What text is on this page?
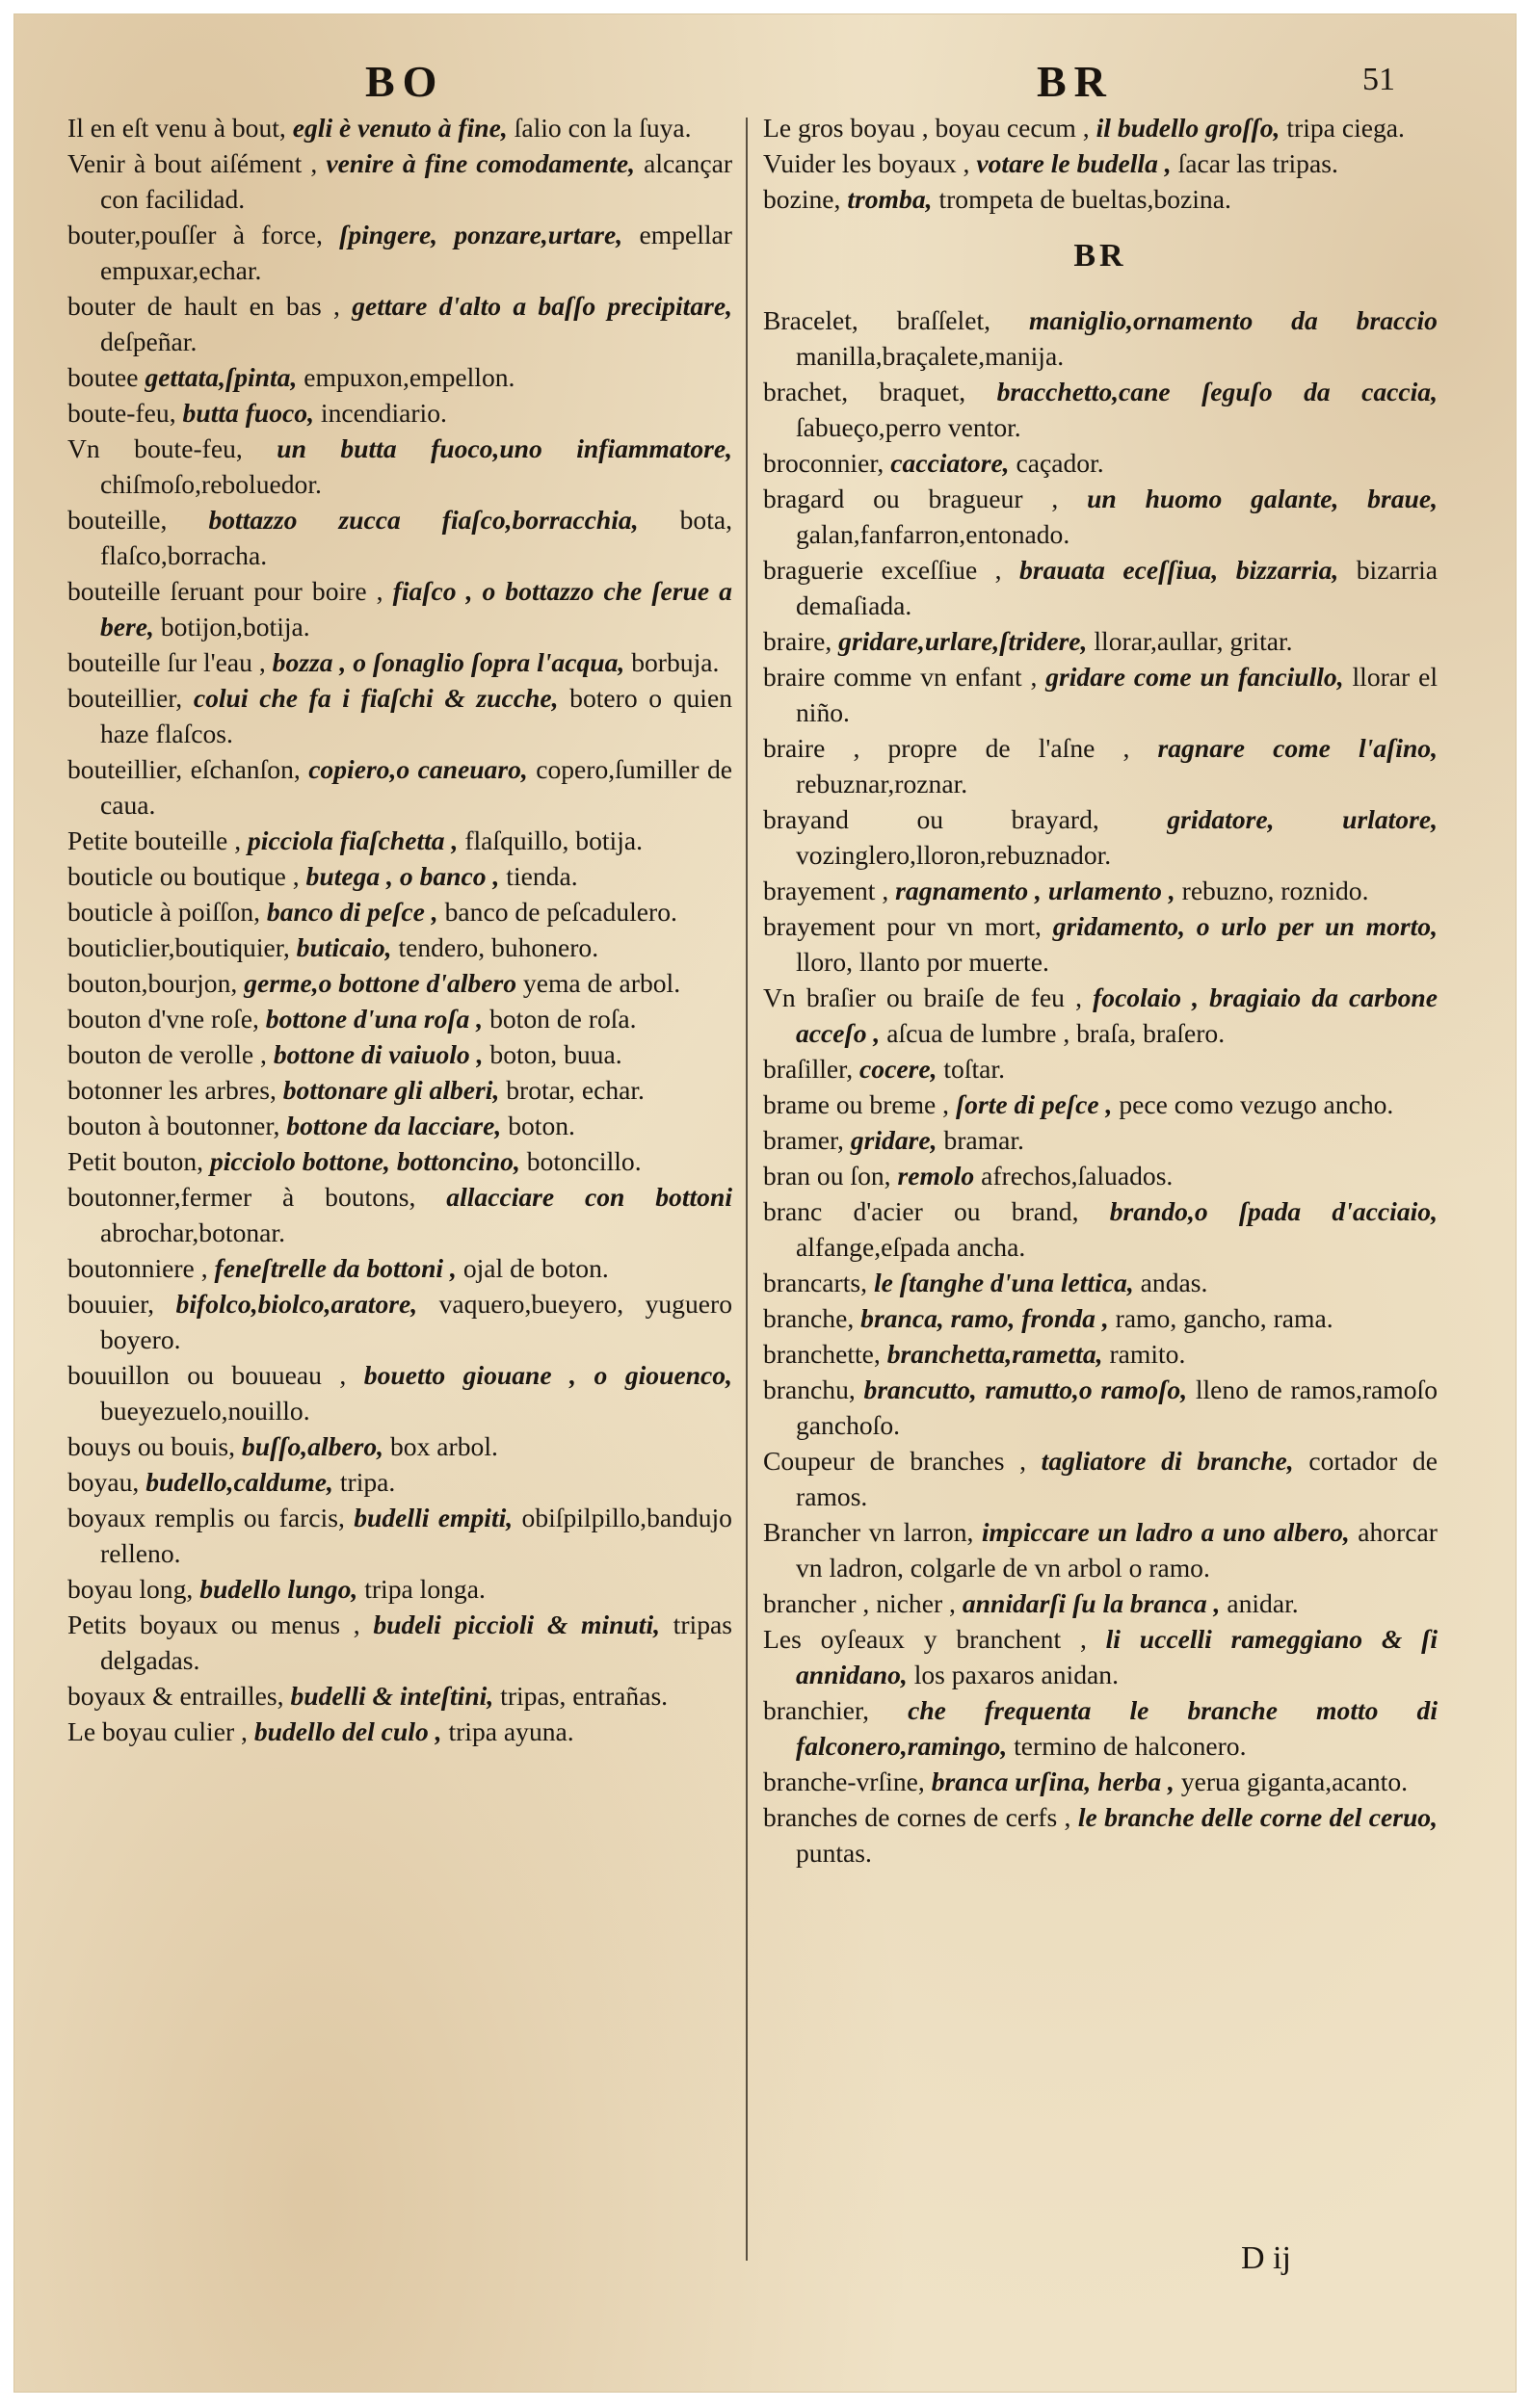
BO	BR	51

Il en eſt venu à bout, egli è venuto à fine, ſalio con la ſuya.

Venir à bout aiſément , venire à fine comodamente, alcançar con facilidad.

bouter,pouſſer à force, ſpingere, ponzare,urtare, empellar empuxar,echar.

bouter de hault en bas , gettare d'alto a baſſo precipitare, deſpeñar.

boutee gettata,ſpinta, empuxon,empellon.

boute-feu, butta fuoco, incendiario.

Vn boute-feu, un butta fuoco,uno infiammatore, chiſmoſo,reboluedor.

bouteille, bottazzo zucca fiaſco,borracchia, bota, flaſco,borracha.

bouteille ſeruant pour boire , fiaſco , o bottazzo che ſerue a bere, botijon,botija.

bouteille ſur l'eau , bozza , o ſonaglio ſopra l'acqua, borbuja.

bouteillier, colui che fa i fiaſchi & zucche, botero o quien haze flaſcos.

bouteillier, eſchanſon, copiero,o caneuaro, copero,ſumiller de caua.

Petite bouteille , picciola fiaſchetta , flaſquillo, botija.

bouticle ou boutique , butega , o banco , tienda.

bouticle à poiſſon, banco di peſce , banco de peſcadulero.

bouticlier,boutiquier, buticaio, tendero, buhonero.

bouton,bourjon, germe,o bottone d'albero yema de arbol.

bouton d'vne roſe, bottone d'una roſa , boton de roſa.

bouton de verolle , bottone di vaiuolo , boton, buua.

botonner les arbres, bottonare gli alberi, brotar, echar.

bouton à boutonner, bottone da lacciare, boton.

Petit bouton, picciolo bottone, bottoncino, botoncillo.

boutonner,fermer à boutons, allacciare con bottoni abrochar,botonar.

boutonniere , feneſtrelle da bottoni , ojal de boton.

bouuier, bifolco,biolco,aratore, vaquero,bueyero, yuguero boyero.

bouuillon ou bouueau , bouetto giouane , o giouenco, bueyezuelo,nouillo.

bouys ou bouis, buſſo,albero, box arbol.

boyau, budello,caldume, tripa.

boyaux remplis ou farcis, budelli empiti, obiſpilpillo,bandujo relleno.

boyau long, budello lungo, tripa longa.

Petits boyaux ou menus , budeli piccioli & minuti, tripas delgadas.

boyaux & entrailles, budelli & inteſtini, tripas, entrañas.

Le boyau culier , budello del culo , tripa ayuna.

Le gros boyau , boyau cecum , il budello groſſo, tripa ciega.

Vuider les boyaux , votare le budella , ſacar las tripas.

bozine, tromba, trompeta de bueltas,bozina.

BR

Bracelet, braſſelet, maniglio,ornamento da braccio manilla,braçalete,manija.

brachet, braquet, bracchetto,cane ſeguſo da caccia, ſabueço,perro ventor.

broconnier, cacciatore, caçador.

bragard ou bragueur , un huomo galante, braue, galan,fanfarron,entonado.

braguerie exceſſiue , brauata eceſſiua, bizzarria, bizarria demaſiada.

braire, gridare,urlare,ſtridere, llorar,aullar, gritar.

braire comme vn enfant , gridare come un fanciullo, llorar el niño.

braire , propre de l'aſne , ragnare come l'aſino, rebuznar,roznar.

brayand ou brayard,	gridatore, urlatore, vozinglero,lloron,rebuznador.

brayement , ragnamento , urlamento , rebuzno, roznido.

brayement pour vn mort, gridamento, o urlo per un morto, lloro, llanto por muerte.

Vn braſier ou braiſe de feu , focolaio , bragiaio da carbone acceſo , aſcua de lumbre , braſa, braſero.

braſiller, cocere, toſtar.

brame ou breme , ſorte di peſce , pece como vezugo ancho.

bramer, gridare, bramar.

bran ou ſon, remolo afrechos,ſaluados.

branc d'acier ou brand, brando,o ſpada d'acciaio, alfange,eſpada ancha.

brancarts, le ſtanghe d'una lettica, andas.

branche, branca, ramo, fronda , ramo, gancho, rama.

branchette, branchetta,rametta, ramito.

branchu, brancutto, ramutto,o ramoſo, lleno de ramos,ramoſo ganchoſo.

Coupeur de branches , tagliatore di branche, cortador de ramos.

Brancher vn larron, impiccare un ladro a uno albero, ahorcar vn ladron, colgarle de vn arbol o ramo.

brancher , nicher , annidarſi ſu la branca , anidar.

Les oyſeaux y branchent , li uccelli rameggiano & ſi annidano, los paxaros anidan.

branchier, che frequenta le branche motto di falconero,ramingo, termino de halconero.

branche-vrſine, branca urſina, herba , yerua giganta,acanto.

branches de cornes de cerfs , le branche delle corne del ceruo, puntas.

D ij
